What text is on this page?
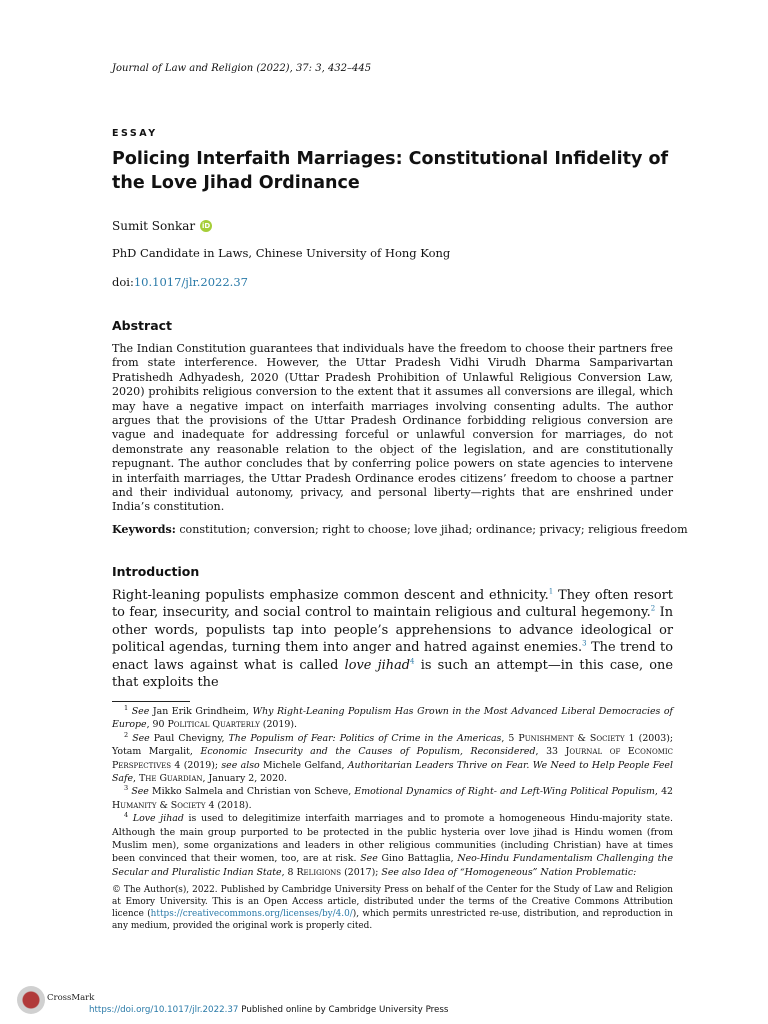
Journal of Law and Religion (2022), 37: 3, 432–445
ESSAY
Policing Interfaith Marriages: Constitutional Infidelity of the Love Jihad Ordinance
Sumit Sonkar iD
PhD Candidate in Laws, Chinese University of Hong Kong
doi:10.1017/jlr.2022.37
Abstract
The Indian Constitution guarantees that individuals have the freedom to choose their partners free from state interference. However, the Uttar Pradesh Vidhi Virudh Dharma Samparivartan Pratishedh Adhyadesh, 2020 (Uttar Pradesh Prohibition of Unlawful Religious Conversion Law, 2020) prohibits religious conversion to the extent that it assumes all conversions are illegal, which may have a negative impact on interfaith marriages involving consenting adults. The author argues that the provisions of the Uttar Pradesh Ordinance forbidding religious conversion are vague and inadequate for addressing forceful or unlawful conversion for marriages, do not demonstrate any reasonable relation to the object of the legislation, and are constitutionally repugnant. The author concludes that by conferring police powers on state agencies to intervene in interfaith marriages, the Uttar Pradesh Ordinance erodes citizens’ freedom to choose a partner and their individual autonomy, privacy, and personal liberty—rights that are enshrined under India’s constitution.
Keywords: constitution; conversion; right to choose; love jihad; ordinance; privacy; religious freedom
Introduction
Right-leaning populists emphasize common descent and ethnicity.$^1$ They often resort to fear, insecurity, and social control to maintain religious and cultural hegemony.$^2$ In other words, populists tap into people’s apprehensions to advance ideological or political agendas, turning them into anger and hatred against enemies.$^3$ The trend to enact laws against what is called love jihad$^4$ is such an attempt—in this case, one that exploits the
$^1$ See Jan Erik Grindheim, Why Right-Leaning Populism Has Grown in the Most Advanced Liberal Democracies of Europe, 90 Political Quarterly (2019).
$^2$ See Paul Chevigny, The Populism of Fear: Politics of Crime in the Americas, 5 Punishment & Society 1 (2003); Yotam Margalit, Economic Insecurity and the Causes of Populism, Reconsidered, 33 Journal of Economic Perspectives 4 (2019); see also Michele Gelfand, Authoritarian Leaders Thrive on Fear. We Need to Help People Feel Safe, The Guardian, January 2, 2020.
$^3$ See Mikko Salmela and Christian von Scheve, Emotional Dynamics of Right- and Left-Wing Political Populism, 42 Humanity & Society 4 (2018).
$^4$ Love jihad is used to delegitimize interfaith marriages and to promote a homogeneous Hindu-majority state. Although the main group purported to be protected in the public hysteria over love jihad is Hindu women (from Muslim men), some organizations and leaders in other religious communities (including Christian) have at times been convinced that their women, too, are at risk. See Gino Battaglia, Neo-Hindu Fundamentalism Challenging the Secular and Pluralistic Indian State, 8 Religions (2017); See also Idea of “Homogeneous” Nation Problematic:
© The Author(s), 2022. Published by Cambridge University Press on behalf of the Center for the Study of Law and Religion at Emory University. This is an Open Access article, distributed under the terms of the Creative Commons Attribution licence (https://creativecommons.org/licenses/by/4.0/), which permits unrestricted re-use, distribution, and reproduction in any medium, provided the original work is properly cited.
CrossMark
https://doi.org/10.1017/jlr.2022.37 Published online by Cambridge University Press
